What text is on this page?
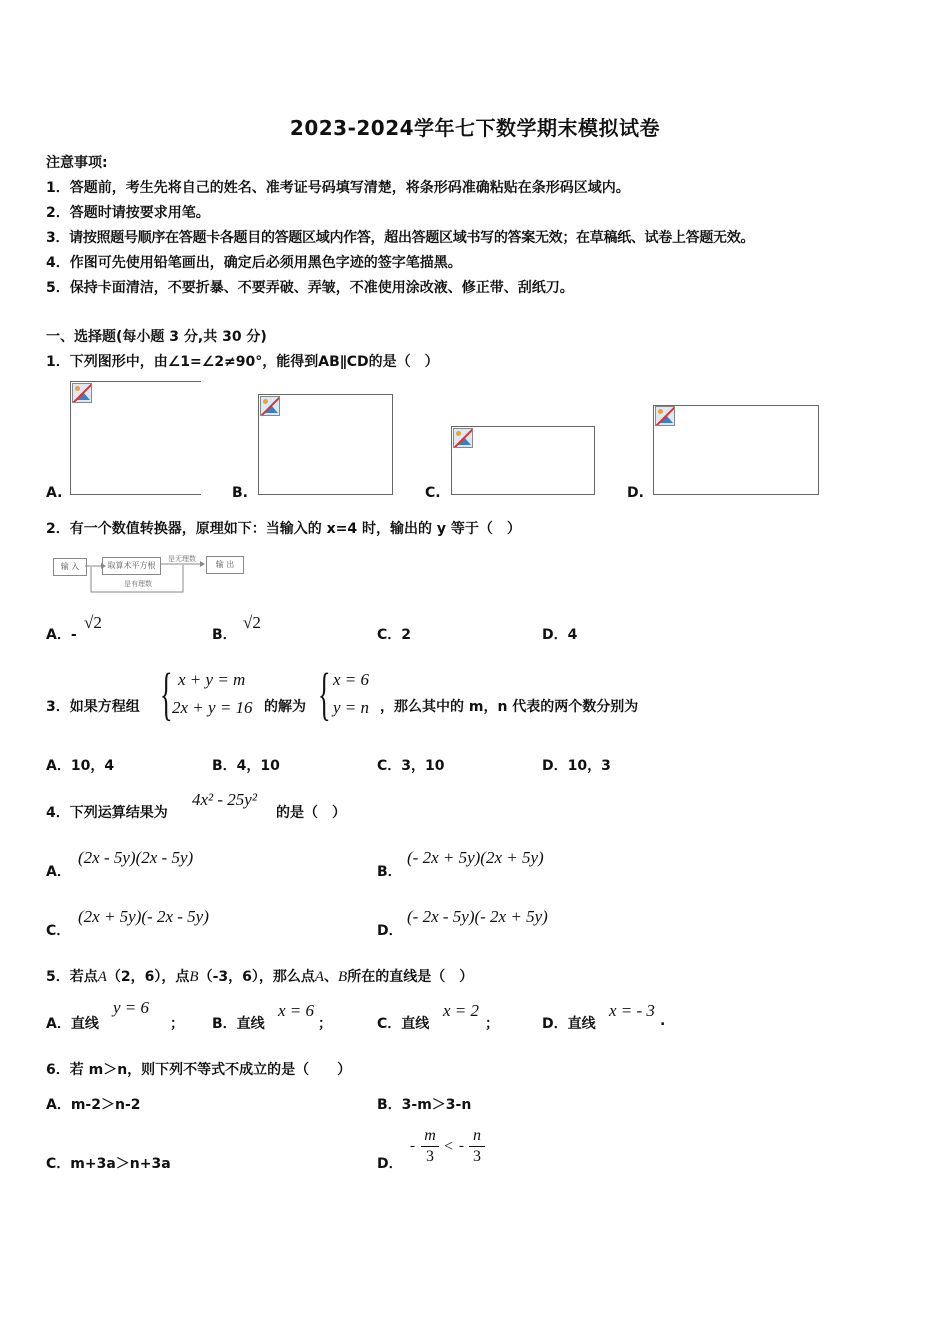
2023-2024学年七下数学期末模拟试卷
注意事项:
1．答题前，考生先将自己的姓名、准考证号码填写清楚，将条形码准确粘贴在条形码区域内。
2．答题时请按要求用笔。
3．请按照题号顺序在答题卡各题目的答题区域内作答，超出答题区域书写的答案无效；在草稿纸、试卷上答题无效。
4．作图可先使用铅笔画出，确定后必须用黑色字迹的签字笔描黑。
5．保持卡面清洁，不要折暴、不要弄破、弄皱，不准使用涂改液、修正带、刮纸刀。
一、选择题(每小题 3 分,共 30 分)
1．下列图形中，由∠1=∠2≠90°，能得到AB∥CD的是（　）
A.	B.	C.	D.
2．有一个数值转换器，原理如下：当输入的 x=4 时，输出的 y 等于（　）
输 入	取算术平方根	输 出
是无理数
是有理数
A．-
√2
B．
√2
C．2	D．4
3．如果方程组 { x + y = m
2x + y = 16 的解为 { x = 6
y = n ，那么其中的 m，n 代表的两个数分别为
A．10，4	B．4，10	C．3，10	D．10，3
4．下列运算结果为
4x² - 25y²
的是（　）
A．
(2x - 5y)(2x - 5y)
B．
(- 2x + 5y)(2x + 5y)
C．
(2x + 5y)(- 2x - 5y)
D．
(- 2x - 5y)(- 2x + 5y)
5．若点A（2，6），点B（-3，6），那么点A、B所在的直线是（　）
A．直线
y = 6
； B．直线
x = 6
；	C．直线
x = 2
；	D．直线
x = - 3
.
6．若 m＞n，则下列不等式不成立的是（　　）
A．m-2＞n-2	B．3-m＞3-n
C．m+3a＞n+3a	D．
-
m
3
< -
n
3
